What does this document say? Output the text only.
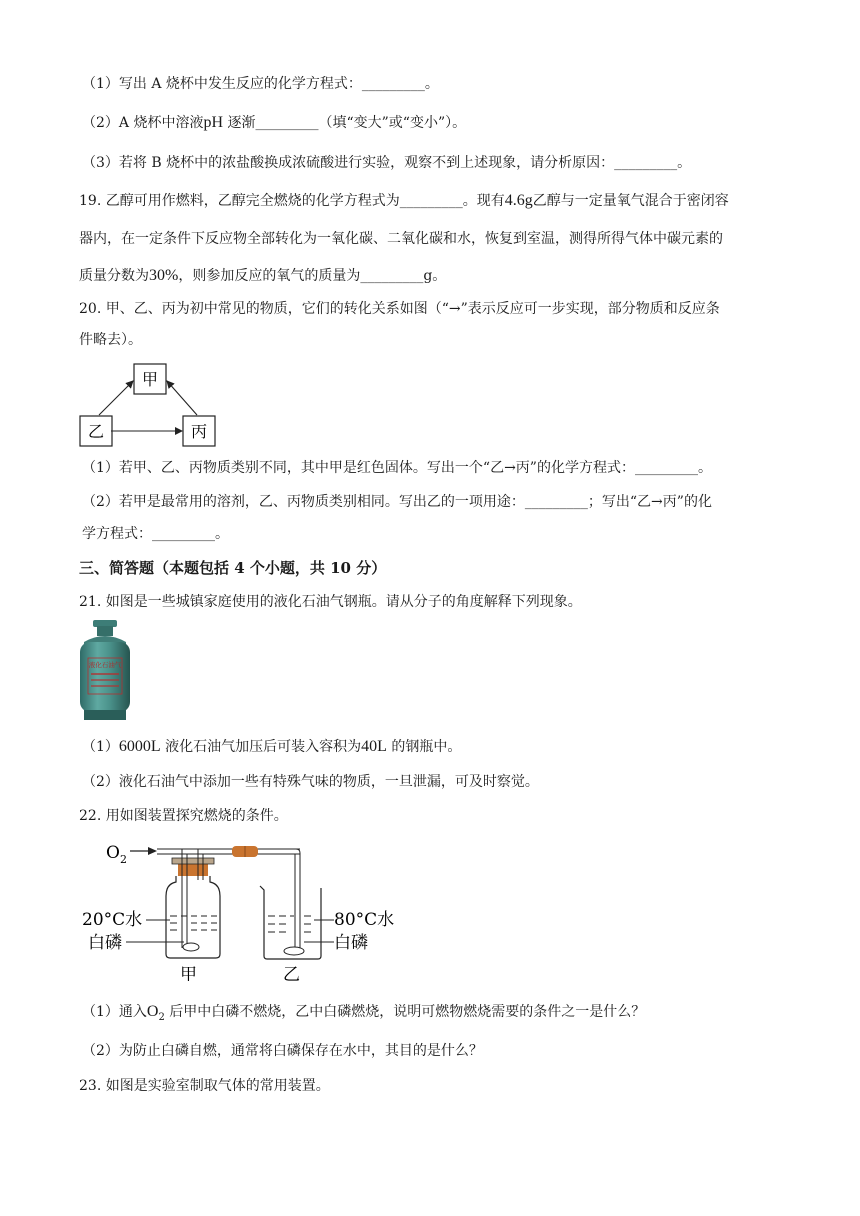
（1）写出 A 烧杯中发生反应的化学方程式：_________。
（2）A 烧杯中溶液pH 逐渐_________（填“变大”或“变小”）。
（3）若将 B 烧杯中的浓盐酸换成浓硫酸进行实验，观察不到上述现象，请分析原因：_________。
19. 乙醇可用作燃料，乙醇完全燃烧的化学方程式为_________。现有4.6g乙醇与一定量氧气混合于密闭容
器内，在一定条件下反应物全部转化为一氧化碳、二氧化碳和水，恢复到室温，测得所得气体中碳元素的
质量分数为30%，则参加反应的氧气的质量为_________g。
20. 甲、乙、丙为初中常见的物质，它们的转化关系如图（“→”表示反应可一步实现，部分物质和反应条
件略去）。
甲
乙	丙
（1）若甲、乙、丙物质类别不同，其中甲是红色固体。写出一个“乙→丙”的化学方程式：_________。
（2）若甲是最常用的溶剂，乙、丙物质类别相同。写出乙的一项用途：_________；写出“乙→丙”的化
学方程式：_________。
三、简答题（本题包括 4 个小题，共 10 分）
21. 如图是一些城镇家庭使用的液化石油气钢瓶。请从分子的角度解释下列现象。
液化石油气
（1）6000L 液化石油气加压后可装入容积为40L 的钢瓶中。
（2）液化石油气中添加一些有特殊气味的物质，一旦泄漏，可及时察觉。
22. 用如图装置探究燃烧的条件。
$O_2$
20°C水
白磷
甲
80°C水
白磷
乙
（1）通入$O_2$ 后甲中白磷不燃烧，乙中白磷燃烧，说明可燃物燃烧需要的条件之一是什么？
（2）为防止白磷自燃，通常将白磷保存在水中，其目的是什么？
23. 如图是实验室制取气体的常用装置。
